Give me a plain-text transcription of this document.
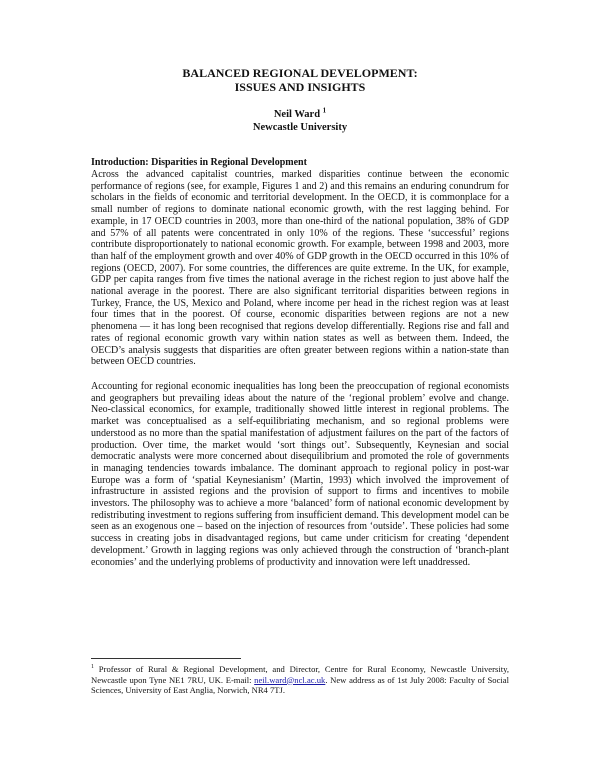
BALANCED REGIONAL DEVELOPMENT:
ISSUES AND INSIGHTS
Neil Ward $^1$
Newcastle University
Introduction: Disparities in Regional Development
Across the advanced capitalist countries, marked disparities continue between the economic performance of regions (see, for example, Figures 1 and 2) and this remains an enduring conundrum for scholars in the fields of economic and territorial development. In the OECD, it is commonplace for a small number of regions to dominate national economic growth, with the rest lagging behind. For example, in 17 OECD countries in 2003, more than one-third of the national population, 38% of GDP and 57% of all patents were concentrated in only 10% of the regions. These ‘successful’ regions contribute disproportionately to national economic growth. For example, between 1998 and 2003, more than half of the employment growth and over 40% of GDP growth in the OECD occurred in this 10% of regions (OECD, 2007). For some countries, the differences are quite extreme. In the UK, for example, GDP per capita ranges from five times the national average in the richest region to just above half the national average in the poorest. There are also significant territorial disparities between regions in Turkey, France, the US, Mexico and Poland, where income per head in the richest region was at least four times that in the poorest. Of course, economic disparities between regions are not a new phenomena — it has long been recognised that regions develop differentially. Regions rise and fall and rates of regional economic growth vary within nation states as well as between them. Indeed, the OECD’s analysis suggests that disparities are often greater between regions within a nation-state than between OECD countries.
Accounting for regional economic inequalities has long been the preoccupation of regional economists and geographers but prevailing ideas about the nature of the ‘regional problem’ evolve and change. Neo-classical economics, for example, traditionally showed little interest in regional problems. The market was conceptualised as a self-equilibriating mechanism, and so regional problems were understood as no more than the spatial manifestation of adjustment failures on the part of the factors of production. Over time, the market would ‘sort things out’. Subsequently, Keynesian and social democratic analysts were more concerned about disequilibrium and promoted the role of governments in managing tendencies towards imbalance. The dominant approach to regional policy in post-war Europe was a form of ‘spatial Keynesianism’ (Martin, 1993) which involved the improvement of infrastructure in assisted regions and the provision of support to firms and incentives to mobile investors. The philosophy was to achieve a more ‘balanced’ form of national economic development by redistributing investment to regions suffering from insufficient demand. This development model can be seen as an exogenous one – based on the injection of resources from ‘outside’. These policies had some success in creating jobs in disadvantaged regions, but came under criticism for creating ‘dependent development.’ Growth in lagging regions was only achieved through the construction of ‘branch-plant economies’ and the underlying problems of productivity and innovation were left unaddressed.
$^1$ Professor of Rural & Regional Development, and Director, Centre for Rural Economy, Newcastle University, Newcastle upon Tyne NE1 7RU, UK. E-mail: neil.ward@ncl.ac.uk. New address as of 1st July 2008: Faculty of Social Sciences, University of East Anglia, Norwich, NR4 7TJ.
